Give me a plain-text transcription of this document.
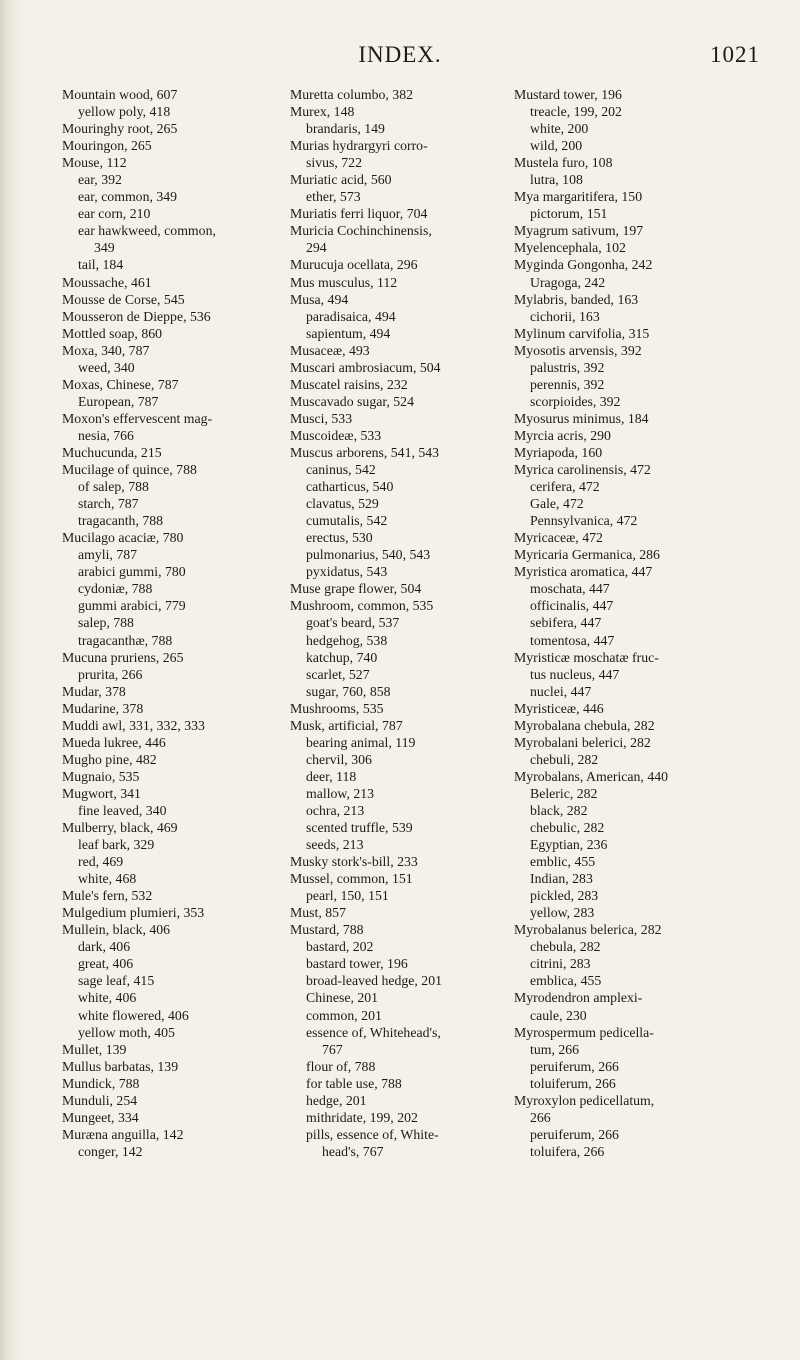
INDEX.	1021
Mountain wood, 607
yellow poly, 418
Mouringhy root, 265
Mouringon, 265
Mouse, 112
ear, 392
ear, common, 349
ear corn, 210
ear hawkweed, common,
349
tail, 184
Moussache, 461
Mousse de Corse, 545
Mousseron de Dieppe, 536
Mottled soap, 860
Moxa, 340, 787
weed, 340
Moxas, Chinese, 787
European, 787
Moxon's effervescent mag-
nesia, 766
Muchucunda, 215
Mucilage of quince, 788
of salep, 788
starch, 787
tragacanth, 788
Mucilago acaciæ, 780
amyli, 787
arabici gummi, 780
cydoniæ, 788
gummi arabici, 779
salep, 788
tragacanthæ, 788
Mucuna pruriens, 265
prurita, 266
Mudar, 378
Mudarine, 378
Muddi awl, 331, 332, 333
Mueda lukree, 446
Mugho pine, 482
Mugnaio, 535
Mugwort, 341
fine leaved, 340
Mulberry, black, 469
leaf bark, 329
red, 469
white, 468
Mule's fern, 532
Mulgedium plumieri, 353
Mullein, black, 406
dark, 406
great, 406
sage leaf, 415
white, 406
white flowered, 406
yellow moth, 405
Mullet, 139
Mullus barbatas, 139
Mundick, 788
Munduli, 254
Mungeet, 334
Muræna anguilla, 142
conger, 142
Muretta columbo, 382
Murex, 148
brandaris, 149
Murias hydrargyri corro-
sivus, 722
Muriatic acid, 560
ether, 573
Muriatis ferri liquor, 704
Muricia Cochinchinensis,
294
Murucuja ocellata, 296
Mus musculus, 112
Musa, 494
paradisaica, 494
sapientum, 494
Musaceæ, 493
Muscari ambrosiacum, 504
Muscatel raisins, 232
Muscavado sugar, 524
Musci, 533
Muscoideæ, 533
Muscus arborens, 541, 543
caninus, 542
catharticus, 540
clavatus, 529
cumutalis, 542
erectus, 530
pulmonarius, 540, 543
pyxidatus, 543
Muse grape flower, 504
Mushroom, common, 535
goat's beard, 537
hedgehog, 538
katchup, 740
scarlet, 527
sugar, 760, 858
Mushrooms, 535
Musk, artificial, 787
bearing animal, 119
chervil, 306
deer, 118
mallow, 213
ochra, 213
scented truffle, 539
seeds, 213
Musky stork's-bill, 233
Mussel, common, 151
pearl, 150, 151
Must, 857
Mustard, 788
bastard, 202
bastard tower, 196
broad-leaved hedge, 201
Chinese, 201
common, 201
essence of, Whitehead's,
767
flour of, 788
for table use, 788
hedge, 201
mithridate, 199, 202
pills, essence of, White-
head's, 767
Mustard tower, 196
treacle, 199, 202
white, 200
wild, 200
Mustela furo, 108
lutra, 108
Mya margaritifera, 150
pictorum, 151
Myagrum sativum, 197
Myelencephala, 102
Myginda Gongonha, 242
Uragoga, 242
Mylabris, banded, 163
cichorii, 163
Mylinum carvifolia, 315
Myosotis arvensis, 392
palustris, 392
perennis, 392
scorpioides, 392
Myosurus minimus, 184
Myrcia acris, 290
Myriapoda, 160
Myrica carolinensis, 472
cerifera, 472
Gale, 472
Pennsylvanica, 472
Myricaceæ, 472
Myricaria Germanica, 286
Myristica aromatica, 447
moschata, 447
officinalis, 447
sebifera, 447
tomentosa, 447
Myristicæ moschatæ fruc-
tus nucleus, 447
nuclei, 447
Myristiceæ, 446
Myrobalana chebula, 282
Myrobalani belerici, 282
chebuli, 282
Myrobalans, American, 440
Beleric, 282
black, 282
chebulic, 282
Egyptian, 236
emblic, 455
Indian, 283
pickled, 283
yellow, 283
Myrobalanus belerica, 282
chebula, 282
citrini, 283
emblica, 455
Myrodendron amplexi-
caule, 230
Myrospermum pedicella-
tum, 266
peruiferum, 266
toluiferum, 266
Myroxylon pedicellatum,
266
peruiferum, 266
toluifera, 266
